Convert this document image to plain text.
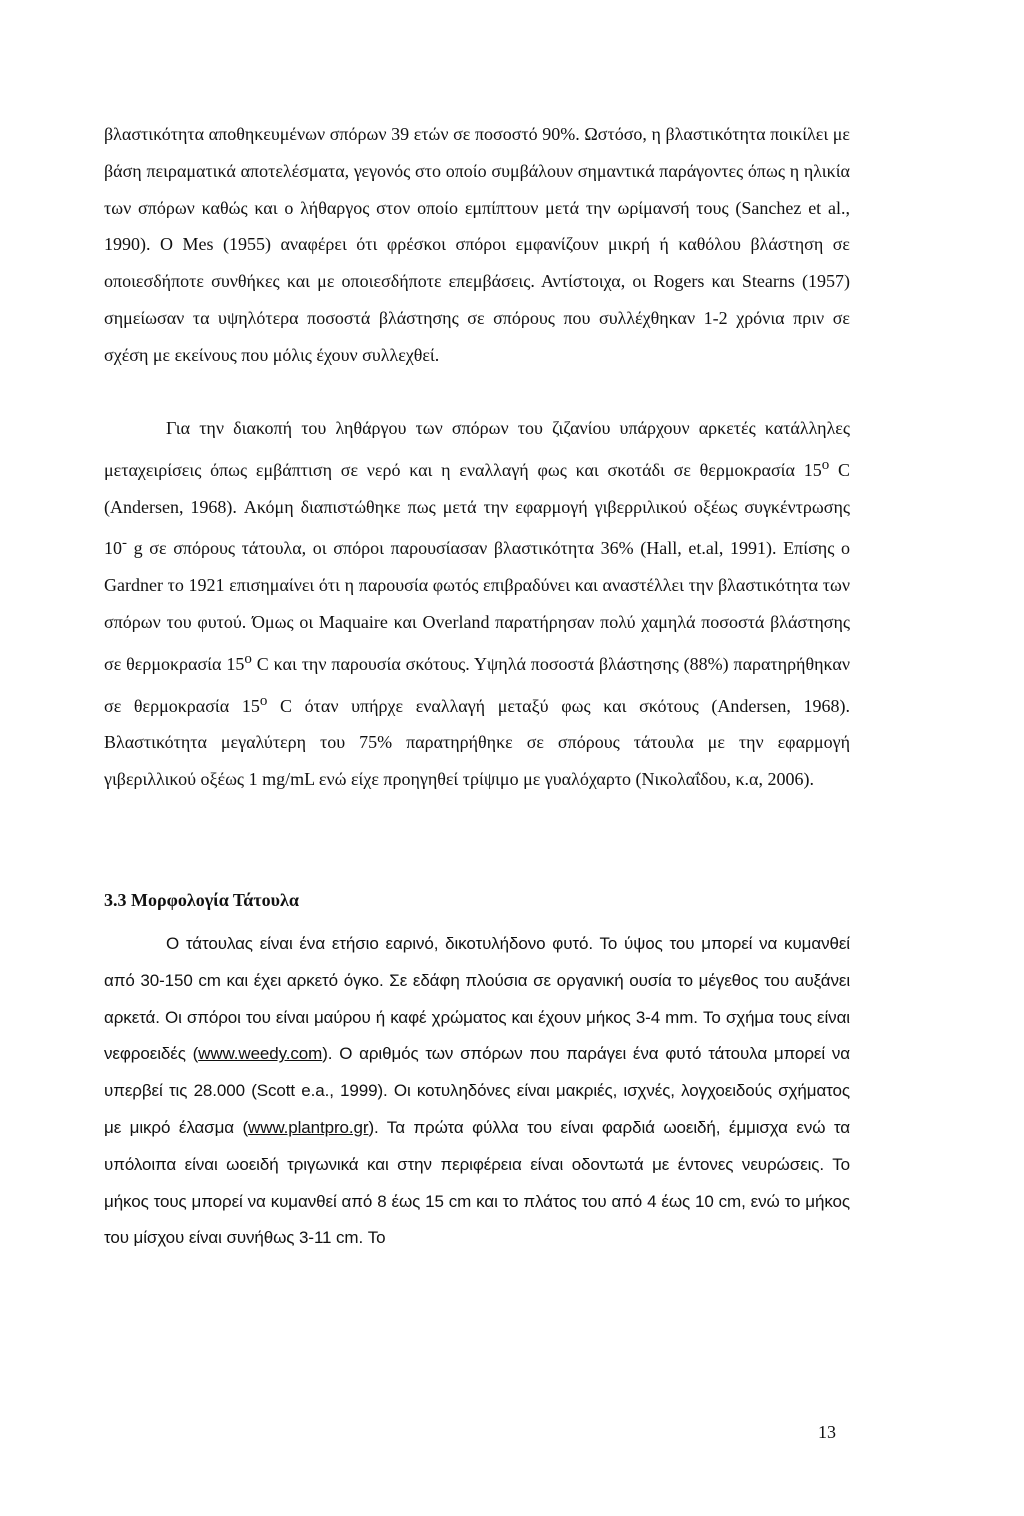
βλαστικότητα αποθηκευμένων σπόρων 39 ετών σε ποσοστό 90%. Ωστόσο, η βλαστικότητα ποικίλει με βάση πειραματικά αποτελέσματα, γεγονός στο οποίο συμβάλουν σημαντικά παράγοντες όπως η ηλικία των σπόρων καθώς και ο λήθαργος στον οποίο εμπίπτουν μετά την ωρίμανσή τους (Sanchez et al., 1990). Ο Mes (1955) αναφέρει ότι φρέσκοι σπόροι εμφανίζουν μικρή ή καθόλου βλάστηση σε οποιεσδήποτε συνθήκες και με οποιεσδήποτε επεμβάσεις. Αντίστοιχα, οι Rogers και Stearns (1957) σημείωσαν τα υψηλότερα ποσοστά βλάστησης σε σπόρους που συλλέχθηκαν 1-2 χρόνια πριν σε σχέση με εκείνους που μόλις έχουν συλλεχθεί.

Για την διακοπή του ληθάργου των σπόρων του ζιζανίου υπάρχουν αρκετές κατάλληλες μεταχειρίσεις όπως εμβάπτιση σε νερό και η εναλλαγή φως και σκοτάδι σε θερμοκρασία 15$^o$ C (Andersen, 1968). Ακόμη διαπιστώθηκε πως μετά την εφαρμογή γιβερριλικού οξέως συγκέντρωσης 10- g σε σπόρους τάτουλα, οι σπόροι παρουσίασαν βλαστικότητα 36% (Hall, et.al, 1991). Επίσης ο Gardner το 1921 επισημαίνει ότι η παρουσία φωτός επιβραδύνει και αναστέλλει την βλαστικότητα των σπόρων του φυτού. Όμως οι Maquaire και Overland παρατήρησαν πολύ χαμηλά ποσοστά βλάστησης σε θερμοκρασία 15$^o$ C και την παρουσία σκότους. Υψηλά ποσοστά βλάστησης (88%) παρατηρήθηκαν σε θερμοκρασία 15$^o$ C όταν υπήρχε εναλλαγή μεταξύ φως και σκότους (Andersen, 1968). Βλαστικότητα μεγαλύτερη του 75% παρατηρήθηκε σε σπόρους τάτουλα με την εφαρμογή γιβεριλλικού οξέως 1 mg/mL ενώ είχε προηγηθεί τρίψιμο με γυαλόχαρτο (Νικολαΐδου, κ.α, 2006).

3.3 Μορφολογία Τάτουλα

Ο τάτουλας είναι ένα ετήσιο εαρινό, δικοτυλήδονο φυτό. Το ύψος του μπορεί να κυμανθεί από 30-150 cm και έχει αρκετό όγκο. Σε εδάφη πλούσια σε οργανική ουσία το μέγεθος του αυξάνει αρκετά. Οι σπόροι του είναι μαύρου ή καφέ χρώματος και έχουν μήκος 3-4 mm. Το σχήμα τους είναι νεφροειδές (www.weedy.com). Ο αριθμός των σπόρων που παράγει ένα φυτό τάτουλα μπορεί να υπερβεί τις 28.000 (Scott e.a., 1999). Οι κοτυληδόνες είναι μακριές, ισχνές, λογχοειδούς σχήματος με μικρό έλασμα (www.plantpro.gr). Τα πρώτα φύλλα του είναι φαρδιά ωοειδή, έμμισχα ενώ τα υπόλοιπα είναι ωοειδή τριγωνικά και στην περιφέρεια είναι οδοντωτά με έντονες νευρώσεις. Το μήκος τους μπορεί να κυμανθεί από 8 έως 15 cm και το πλάτος του από 4 έως 10 cm, ενώ το μήκος του μίσχου είναι συνήθως 3-11 cm. Το

13
